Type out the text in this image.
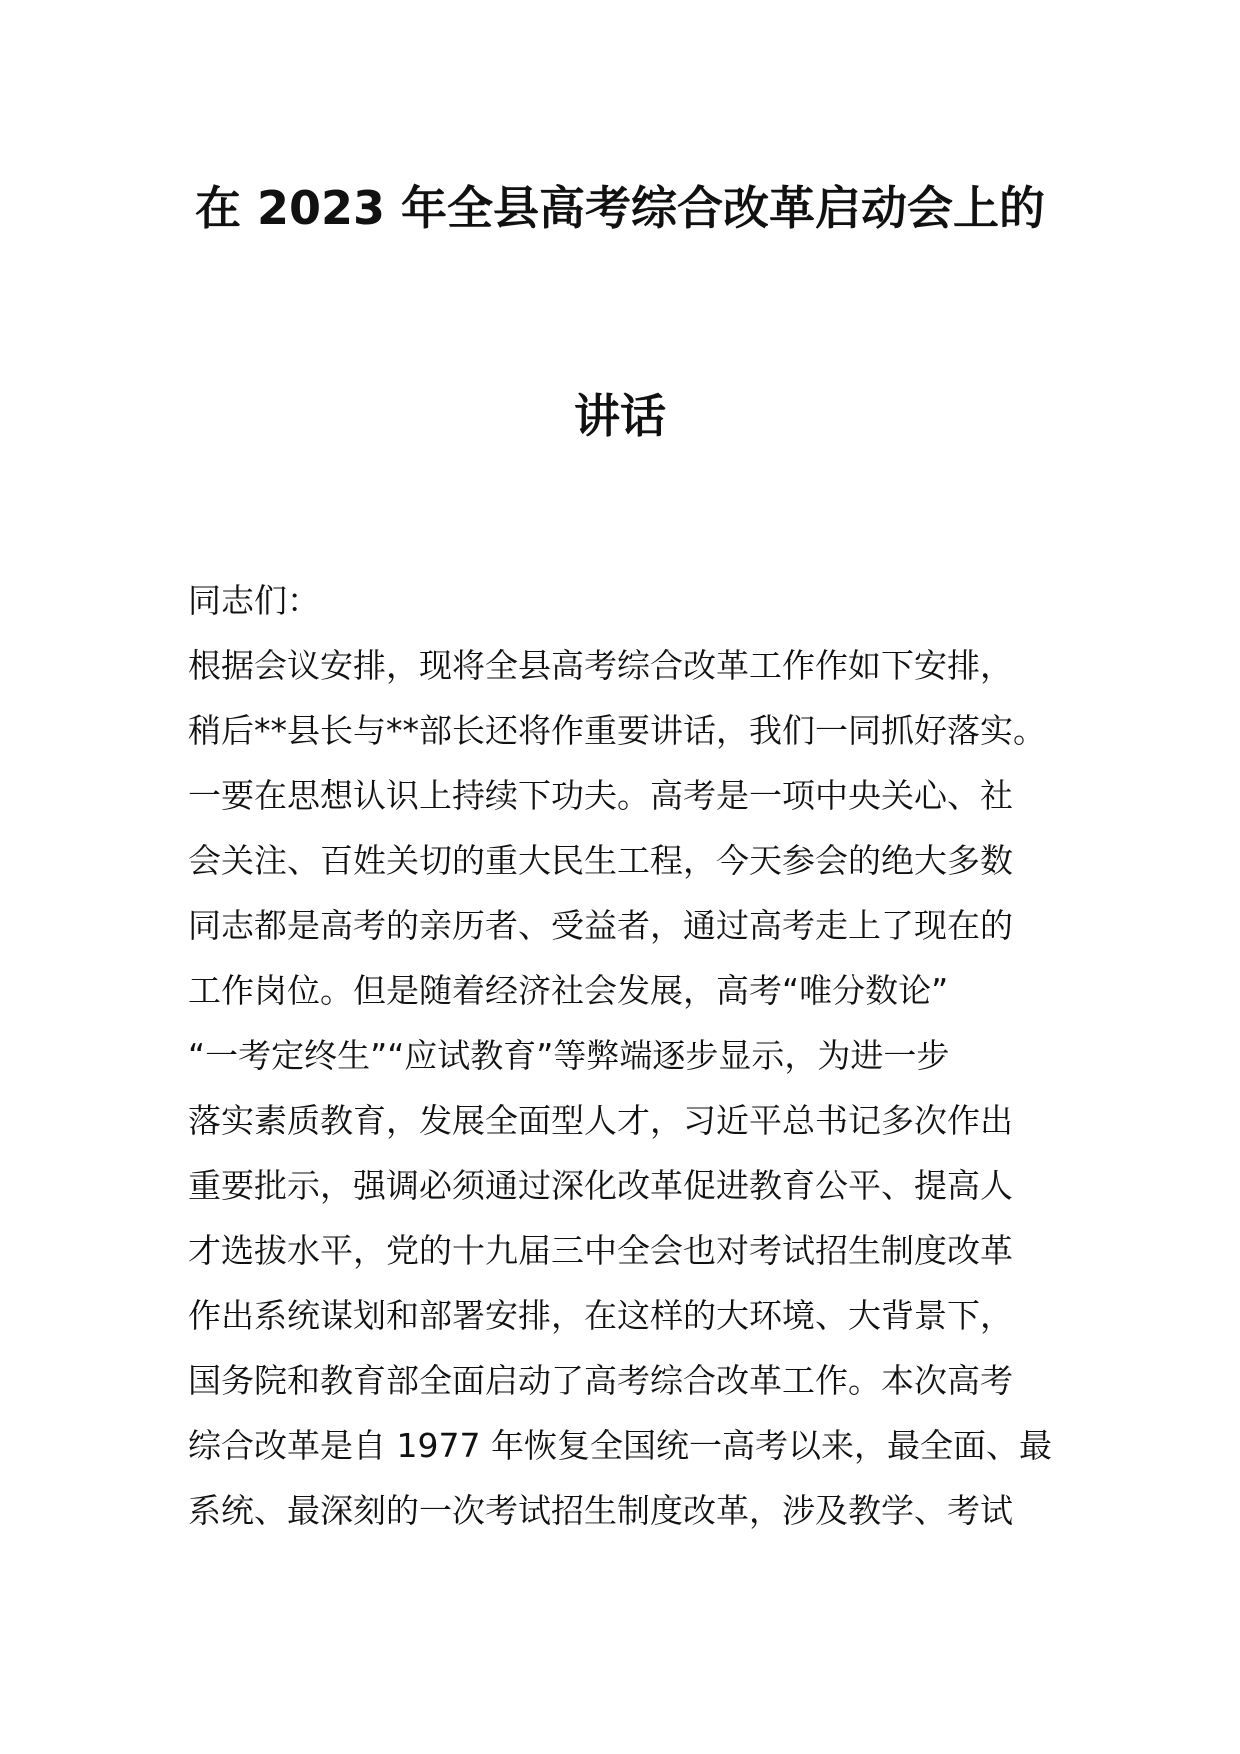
在 2023 年全县高考综合改革启动会上的
讲话
同志们：
根据会议安排，现将全县高考综合改革工作作如下安排，
稍后**县长与**部长还将作重要讲话，我们一同抓好落实。
一要在思想认识上持续下功夫。高考是一项中央关心、社
会关注、百姓关切的重大民生工程，今天参会的绝大多数
同志都是高考的亲历者、受益者，通过高考走上了现在的
工作岗位。但是随着经济社会发展，高考“唯分数论”
“一考定终生”“应试教育”等弊端逐步显示，为进一步
落实素质教育，发展全面型人才，习近平总书记多次作出
重要批示，强调必须通过深化改革促进教育公平、提高人
才选拔水平，党的十九届三中全会也对考试招生制度改革
作出系统谋划和部署安排，在这样的大环境、大背景下，
国务院和教育部全面启动了高考综合改革工作。本次高考
综合改革是自 1977 年恢复全国统一高考以来，最全面、最
系统、最深刻的一次考试招生制度改革，涉及教学、考试
